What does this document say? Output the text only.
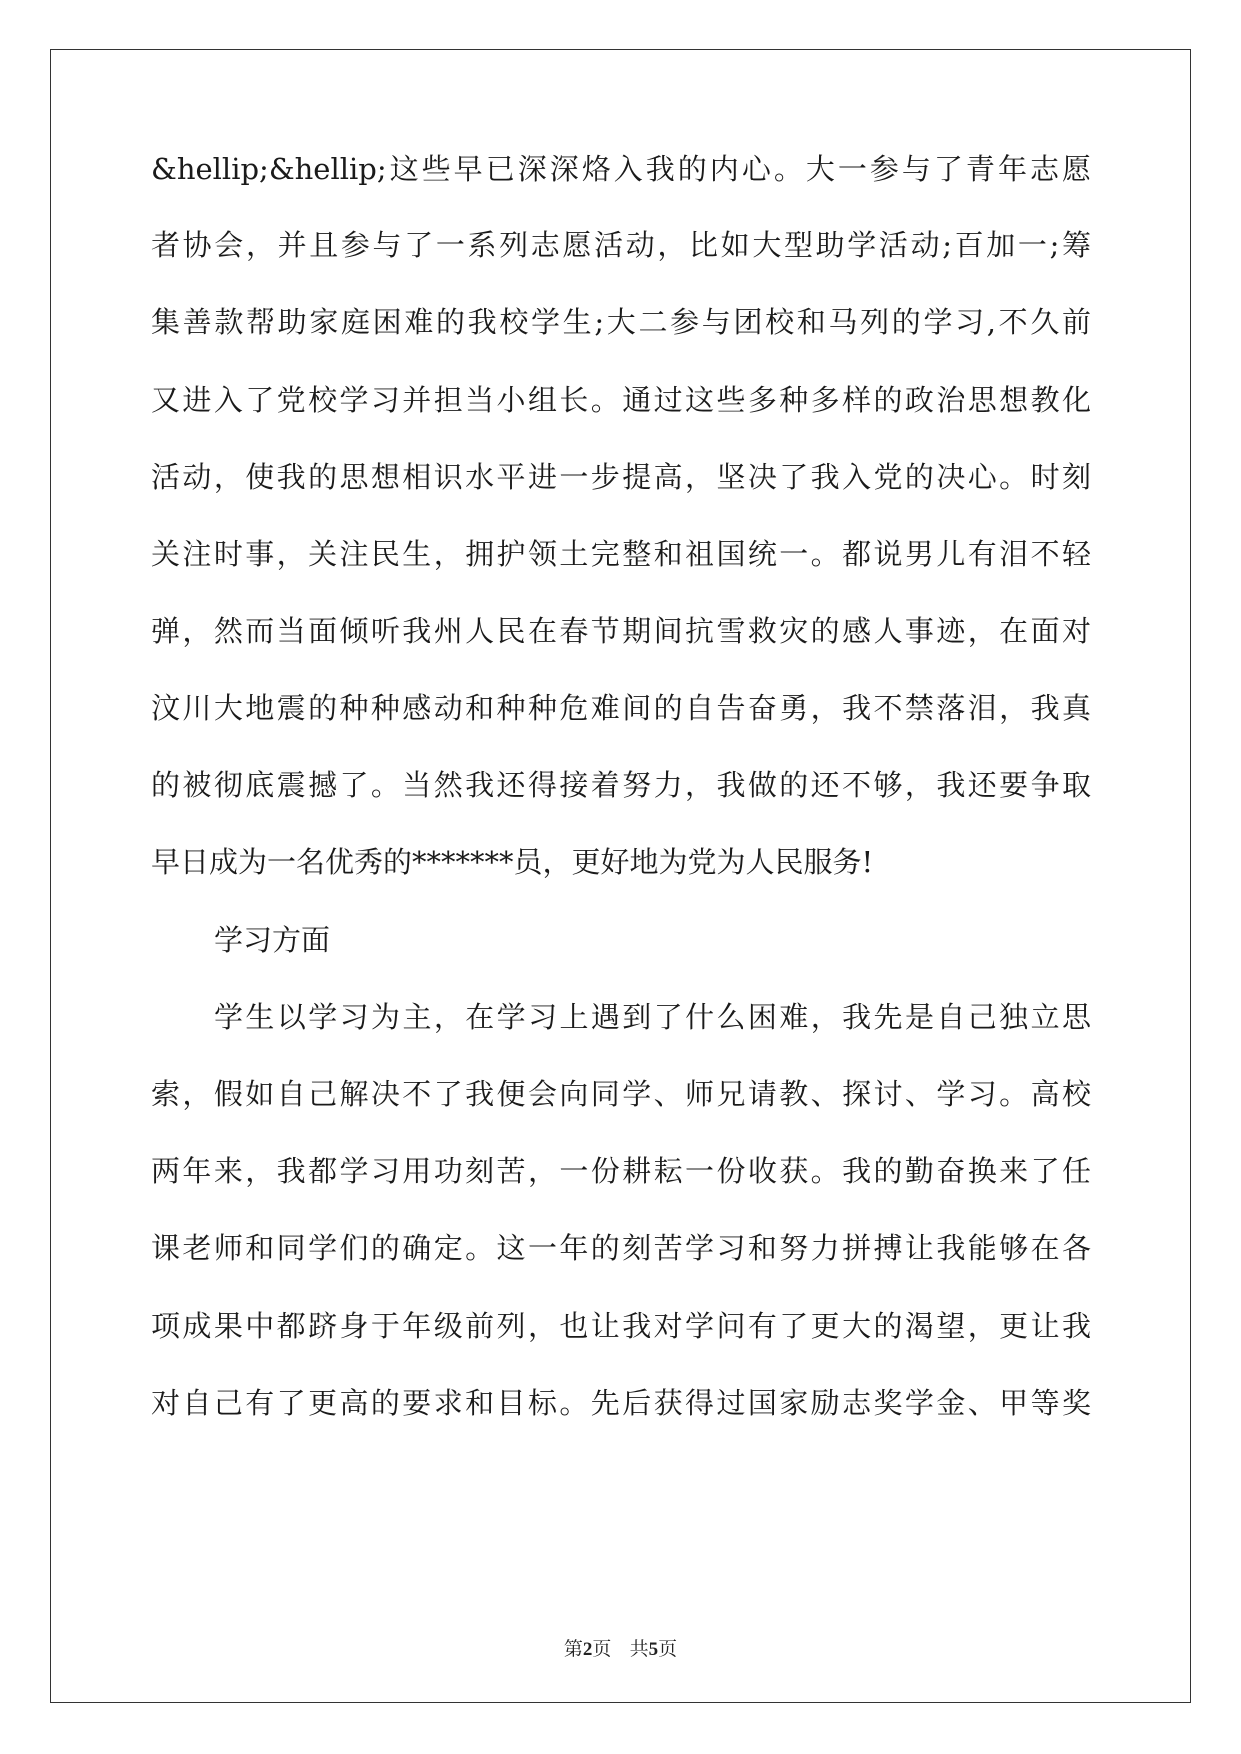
&hellip;&hellip;这些早已深深烙入我的内心。大一参与了青年志愿
者协会，并且参与了一系列志愿活动，比如大型助学活动;百加一;筹
集善款帮助家庭困难的我校学生;大二参与团校和马列的学习,不久前
又进入了党校学习并担当小组长。通过这些多种多样的政治思想教化
活动，使我的思想相识水平进一步提高，坚决了我入党的决心。时刻
关注时事，关注民生，拥护领土完整和祖国统一。都说男儿有泪不轻
弹，然而当面倾听我州人民在春节期间抗雪救灾的感人事迹，在面对
汶川大地震的种种感动和种种危难间的自告奋勇，我不禁落泪，我真
的被彻底震撼了。当然我还得接着努力，我做的还不够，我还要争取
早日成为一名优秀的*******员，更好地为党为人民服务!
学习方面
学生以学习为主，在学习上遇到了什么困难，我先是自己独立思
索，假如自己解决不了我便会向同学、师兄请教、探讨、学习。高校
两年来，我都学习用功刻苦，一份耕耘一份收获。我的勤奋换来了任
课老师和同学们的确定。这一年的刻苦学习和努力拼搏让我能够在各
项成果中都跻身于年级前列，也让我对学问有了更大的渴望，更让我
对自己有了更高的要求和目标。先后获得过国家励志奖学金、甲等奖
第2页 共5页
